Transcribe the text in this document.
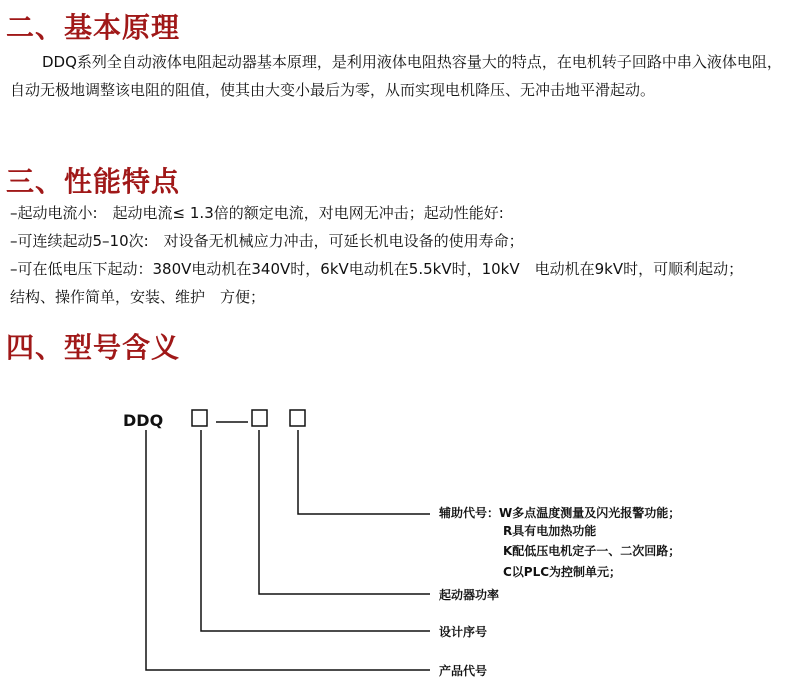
二、基本原理

DDQ系列全自动液体电阻起动器基本原理，是利用液体电阻热容量大的特点，在电机转子回路中串入液体电阻，自动无极地调整该电阻的阻值，使其由大变小最后为零，从而实现电机降压、无冲击地平滑起动。

三、性能特点

–起动电流小:　起动电流≤ 1.3倍的额定电流，对电网无冲击；起动性能好:

–可连续起动5–10次:　对设备无机械应力冲击，可延长机电设备的使用寿命；

–可在低电压下起动：380V电动机在340V时，6kV电动机在5.5kV时，10kV　电动机在9kV时，可顺利起动；

结构、操作简单，安装、维护　方便；

四、型号含义
DDQ
辅助代号：W多点温度测量及闪光报警功能；
R具有电加热功能
K配低压电机定子一、二次回路；
C以PLC为控制单元；
起动器功率
设计序号
产品代号
